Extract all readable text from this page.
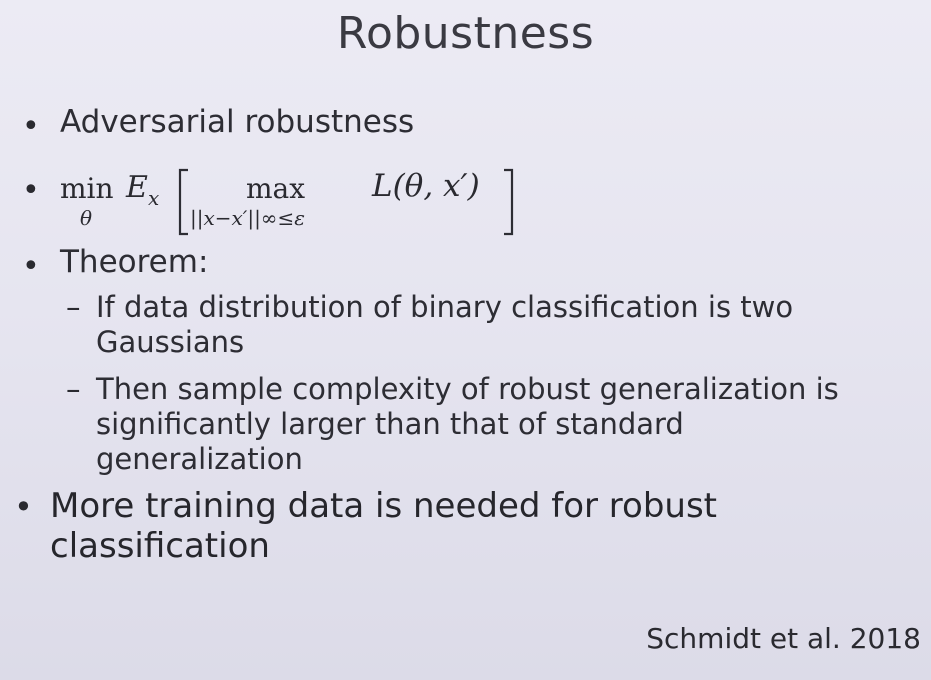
Robustness
• Adversarial robustness
• min
θ
E x	max
||x−x′||∞≤ε
L(θ, x′)
• Theorem:
– If data distribution of binary classification is two
Gaussians
– Then sample complexity of robust generalization is
significantly larger than that of standard
generalization
• More training data is needed for robust
classification
Schmidt et al. 2018
